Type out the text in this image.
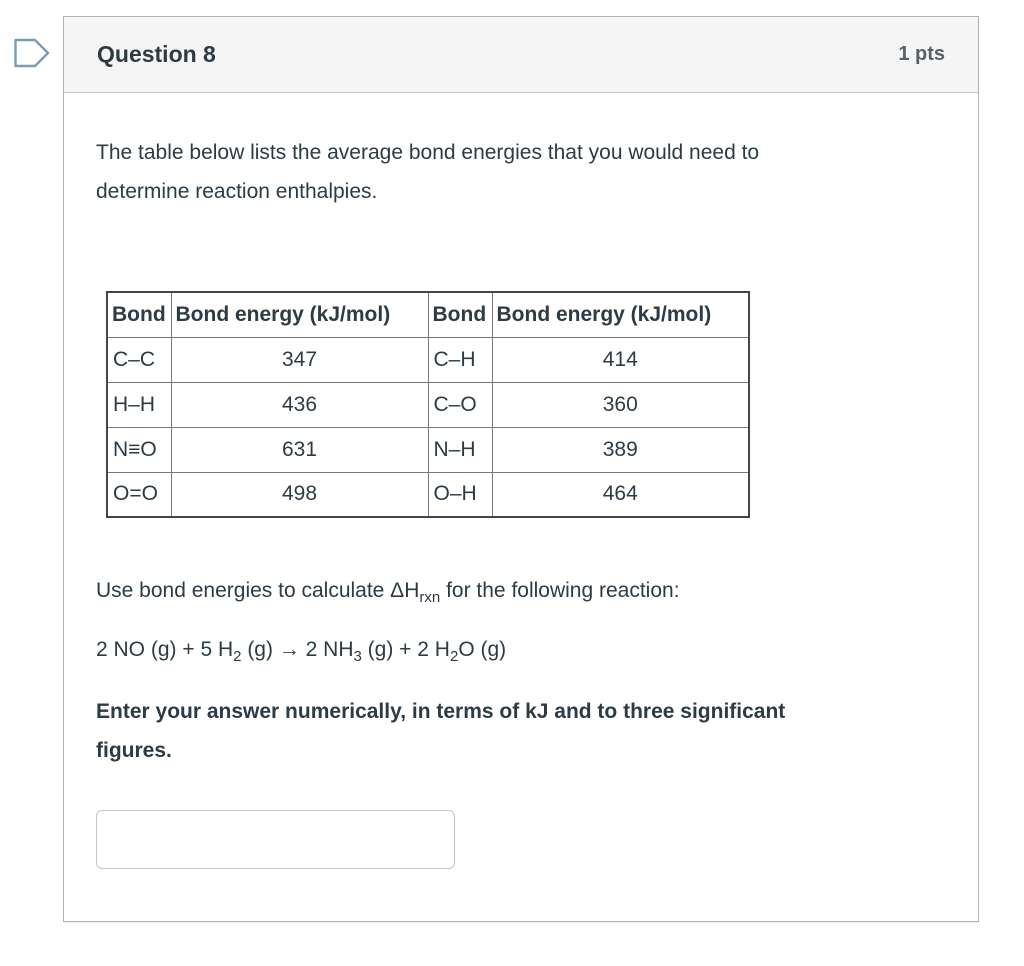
Question 8	1 pts

The table below lists the average bond energies that you would need to
determine reaction enthalpies.

Bond	Bond energy (kJ/mol)	Bond	Bond energy (kJ/mol)
C–C	347	C–H	414
H–H	436	C–O	360
N≡O	631	N–H	389
O=O	498	O–H	464

Use bond energies to calculate $\Delta H_{rxn}$ for the following reaction:

2 NO (g) + 5 $H_2$ (g) → 2 $NH_3$ (g) + 2 $H_2O$ (g)

Enter your answer numerically, in terms of kJ and to three significant
figures.
